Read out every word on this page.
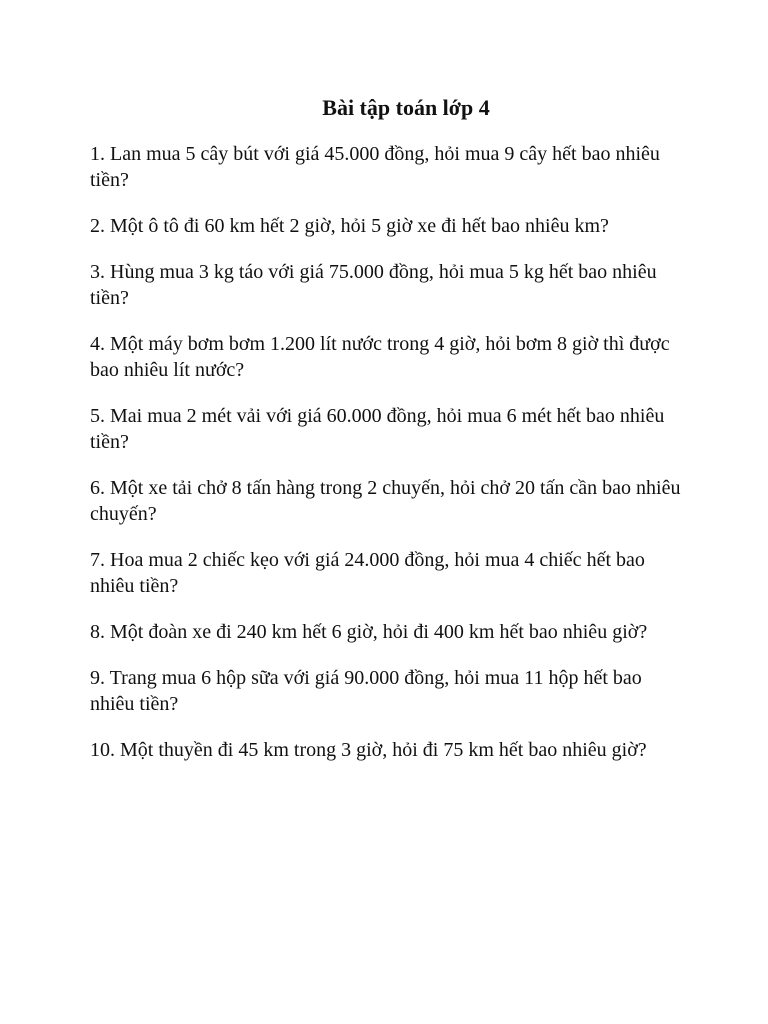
Bài tập toán lớp 4
1. Lan mua 5 cây bút với giá 45.000 đồng, hỏi mua 9 cây hết bao nhiêu tiền?
2. Một ô tô đi 60 km hết 2 giờ, hỏi 5 giờ xe đi hết bao nhiêu km?
3. Hùng mua 3 kg táo với giá 75.000 đồng, hỏi mua 5 kg hết bao nhiêu tiền?
4. Một máy bơm bơm 1.200 lít nước trong 4 giờ, hỏi bơm 8 giờ thì được bao nhiêu lít nước?
5. Mai mua 2 mét vải với giá 60.000 đồng, hỏi mua 6 mét hết bao nhiêu tiền?
6. Một xe tải chở 8 tấn hàng trong 2 chuyến, hỏi chở 20 tấn cần bao nhiêu chuyến?
7. Hoa mua 2 chiếc kẹo với giá 24.000 đồng, hỏi mua 4 chiếc hết bao nhiêu tiền?
8. Một đoàn xe đi 240 km hết 6 giờ, hỏi đi 400 km hết bao nhiêu giờ?
9. Trang mua 6 hộp sữa với giá 90.000 đồng, hỏi mua 11 hộp hết bao nhiêu tiền?
10. Một thuyền đi 45 km trong 3 giờ, hỏi đi 75 km hết bao nhiêu giờ?
